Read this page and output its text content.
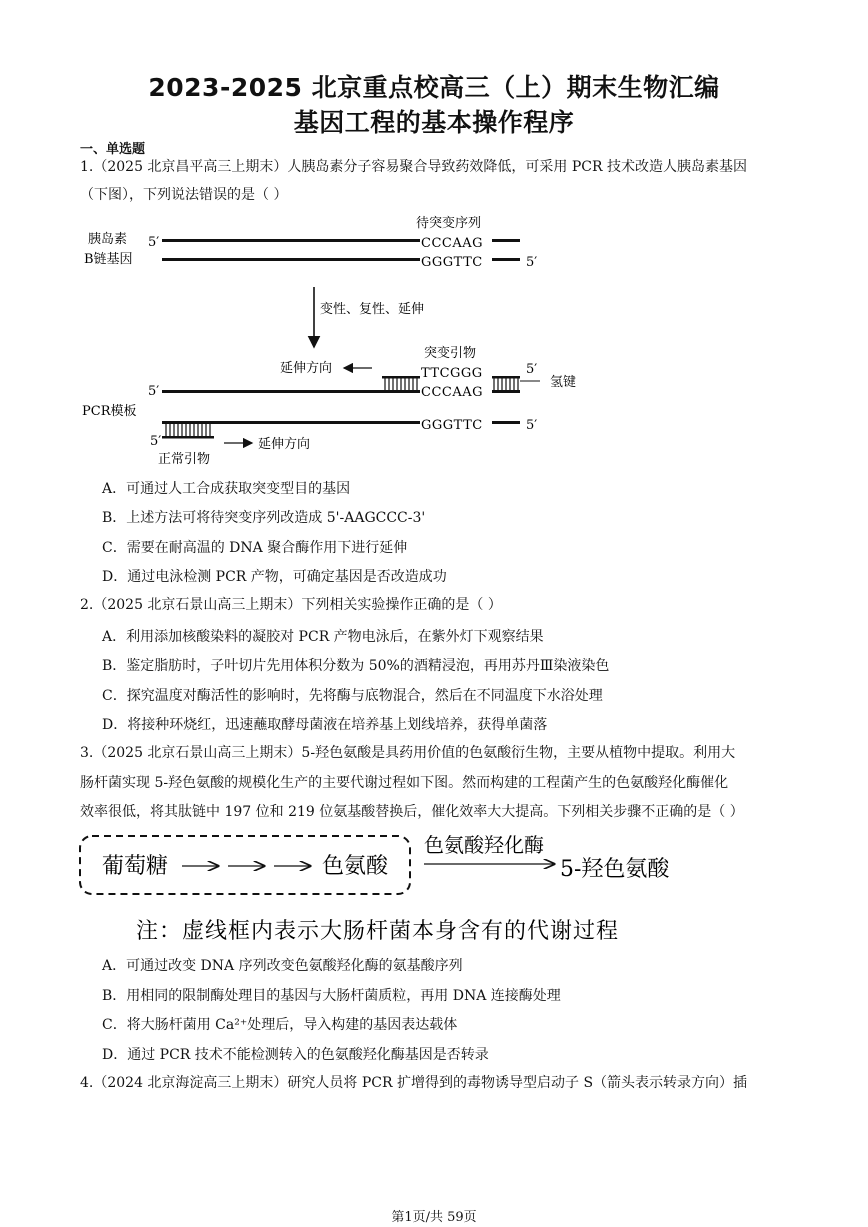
2023-2025 北京重点校高三（上）期末生物汇编
基因工程的基本操作程序
一、单选题
1.（2025 北京昌平高三上期末）人胰岛素分子容易聚合导致药效降低，可采用 PCR 技术改造人胰岛素基因
（下图），下列说法错误的是（ ）
胰岛素
B链基因
待突变序列
5′	CCCAAG
GGGTTC	5′
变性、复性、延伸
突变引物
延伸方向	TTCGGG	5′
氢键
5′	CCCAAG
PCR模板
GGGTTC	5′
5′	延伸方向
正常引物
A．可通过人工合成获取突变型目的基因
B．上述方法可将待突变序列改造成 5'-AAGCCC-3'
C．需要在耐高温的 DNA 聚合酶作用下进行延伸
D．通过电泳检测 PCR 产物，可确定基因是否改造成功
2.（2025 北京石景山高三上期末）下列相关实验操作正确的是（ ）
A．利用添加核酸染料的凝胶对 PCR 产物电泳后，在紫外灯下观察结果
B．鉴定脂肪时，子叶切片先用体积分数为 50%的酒精浸泡，再用苏丹Ⅲ染液染色
C．探究温度对酶活性的影响时，先将酶与底物混合，然后在不同温度下水浴处理
D．将接种环烧红，迅速蘸取酵母菌液在培养基上划线培养，获得单菌落
3.（2025 北京石景山高三上期末）5-羟色氨酸是具药用价值的色氨酸衍生物，主要从植物中提取。利用大
肠杆菌实现 5-羟色氨酸的规模化生产的主要代谢过程如下图。然而构建的工程菌产生的色氨酸羟化酶催化
效率很低，将其肽链中 197 位和 219 位氨基酸替换后，催化效率大大提高。下列相关步骤不正确的是（ ）
葡萄糖	色氨酸
色氨酸羟化酶
5-羟色氨酸
注：虚线框内表示大肠杆菌本身含有的代谢过程
A．可通过改变 DNA 序列改变色氨酸羟化酶的氨基酸序列
B．用相同的限制酶处理目的基因与大肠杆菌质粒，再用 DNA 连接酶处理
C．将大肠杆菌用 Ca²⁺处理后，导入构建的基因表达载体
D．通过 PCR 技术不能检测转入的色氨酸羟化酶基因是否转录
4.（2024 北京海淀高三上期末）研究人员将 PCR 扩增得到的毒物诱导型启动子 S（箭头表示转录方向）插
第1页/共 59页
